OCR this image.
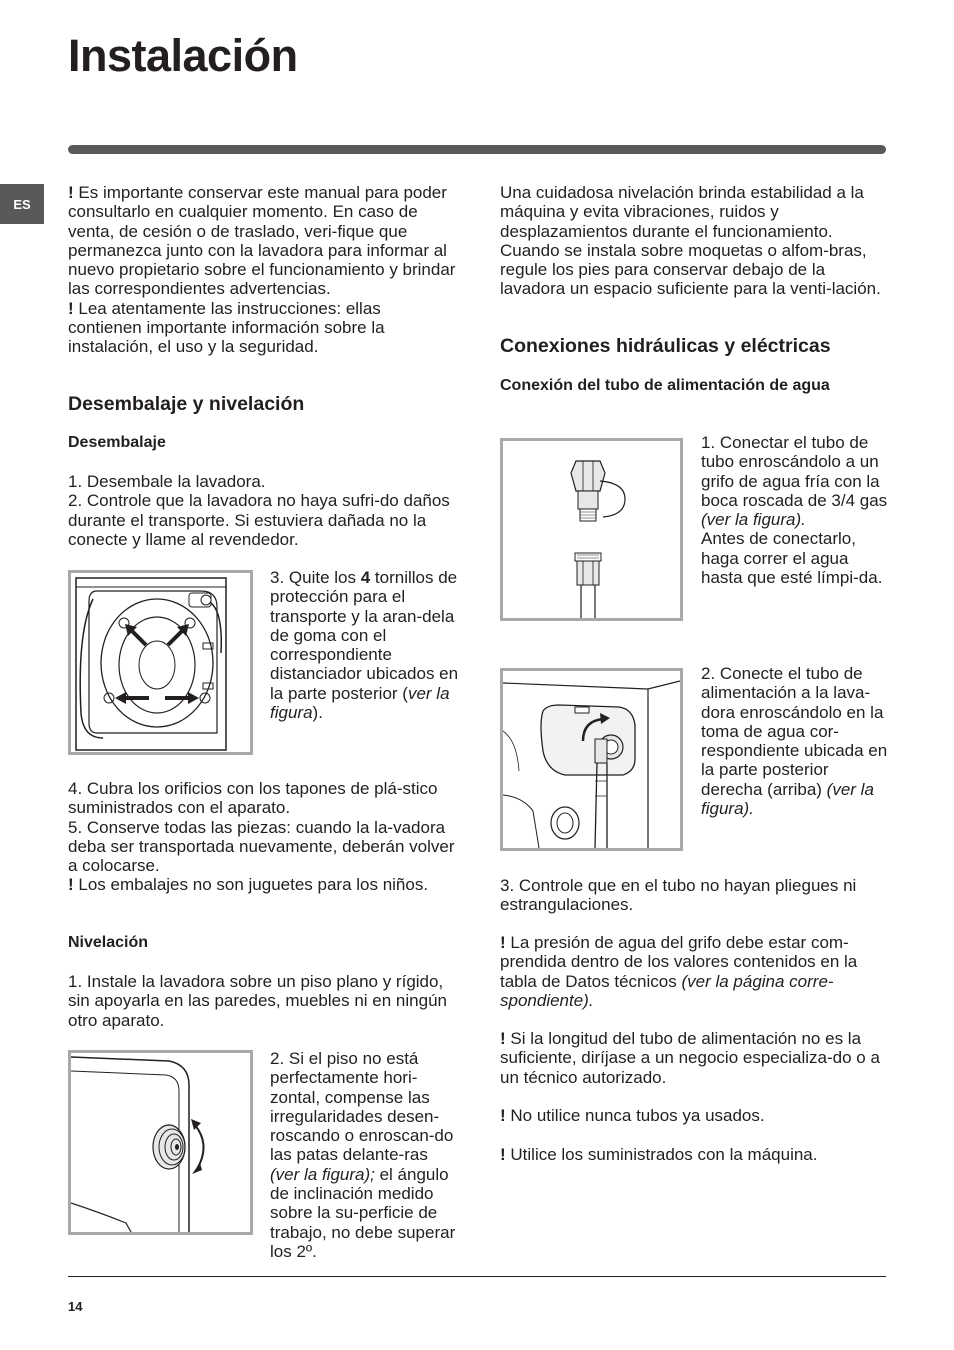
Instalación
ES

! Es importante conservar este manual para poder consultarlo en cualquier momento. En caso de venta, de cesión o de traslado, veri-fique que permanezca junto con la lavadora para informar al nuevo propietario sobre el funcionamiento y brindar las correspondientes advertencias.

! Lea atentamente las instrucciones: ellas contienen importante información sobre la instalación, el uso y la seguridad.

Desembalaje y nivelación
Desembalaje

1. Desembale la lavadora.

2. Controle que la lavadora no haya sufri-do daños durante el transporte. Si estuviera dañada no la conecte y llame al revendedor.

3. Quite los 4 tornillos de protección para el transporte y la aran-dela de goma con el correspondiente distanciador ubicados en la parte posterior (ver la figura).

4. Cubra los orificios con los tapones de plá-stico suministrados con el aparato.

5. Conserve todas las piezas: cuando la la-vadora deba ser transportada nuevamente, deberán volver a colocarse.

! Los embalajes no son juguetes para los niños.

Nivelación
1. Instale la lavadora sobre un piso plano y rígido, sin apoyarla en las paredes, muebles ni en ningún otro aparato.
2. Si el piso no está perfectamente hori-zontal, compense las irregularidades desen-roscando o enroscan-do las patas delante-ras (ver la figura); el ángulo de inclinación medido sobre la su-perficie de trabajo, no debe superar los 2º.
Una cuidadosa nivelación brinda estabilidad a la máquina y evita vibraciones, ruidos y desplazamientos durante el funcionamiento. Cuando se instala sobre moquetas o alfom-bras, regule los pies para conservar debajo de la lavadora un espacio suficiente para la venti-lación.
Conexiones hidráulicas y eléctricas
Conexión del tubo de alimentación de agua
1. Conectar el tubo de tubo enroscándolo a un grifo de agua fría con la boca roscada de 3/4 gas (ver la figura).
Antes de conectarlo, haga correr el agua hasta que esté límpi-da.
2. Conecte el tubo de alimentación a la lava-dora enroscándolo en la toma de agua cor-respondiente ubicada en la parte posterior derecha (arriba) (ver la figura).
3. Controle que en el tubo no hayan pliegues ni estrangulaciones.
! La presión de agua del grifo debe estar com-prendida dentro de los valores contenidos en la tabla de Datos técnicos (ver la página corre-spondiente).
! Si la longitud del tubo de alimentación no es la suficiente, diríjase a un negocio especializa-do o a un técnico autorizado.
! No utilice nunca tubos ya usados.
! Utilice los suministrados con la máquina.
14
